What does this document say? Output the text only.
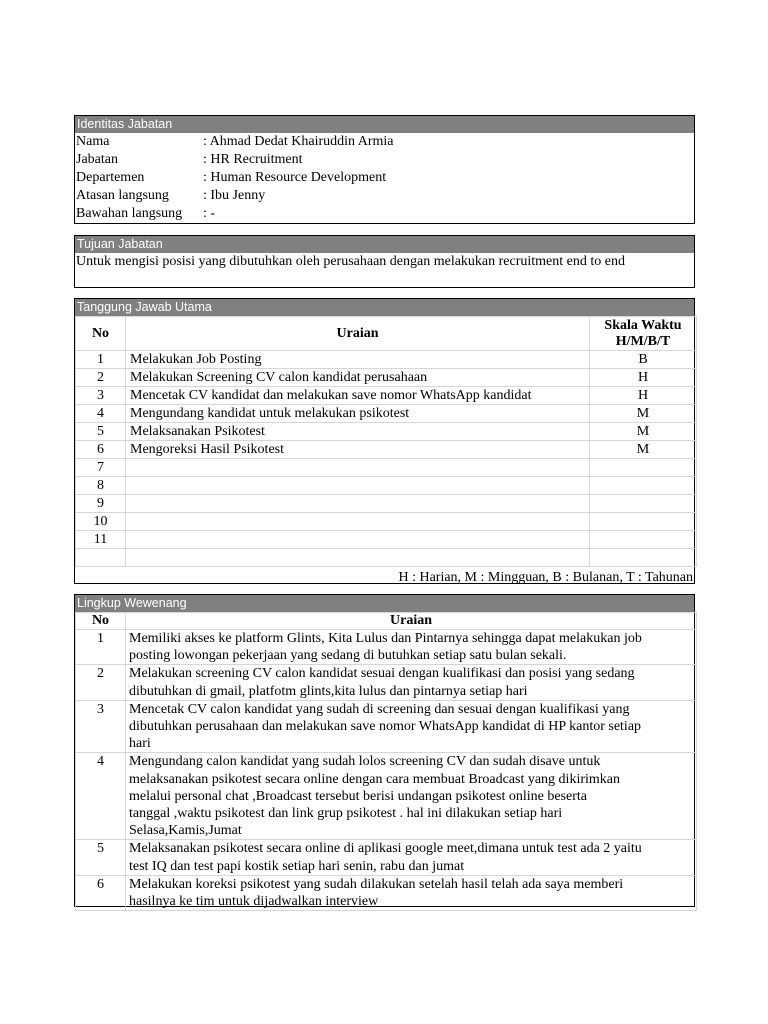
Identitas Jabatan
Nama	: Ahmad Dedat Khairuddin Armia
Jabatan	: HR Recruitment
Departemen	: Human Resource Development
Atasan langsung	: Ibu Jenny
Bawahan langsung	: -
Tujuan Jabatan
Untuk mengisi posisi yang dibutuhkan oleh perusahaan dengan melakukan recruitment end to end
Tanggung Jawab Utama
No	Uraian	Skala Waktu
H/M/B/T

1	Melakukan Job Posting	B
2	Melakukan Screening CV calon kandidat perusahaan	H
3	Mencetak CV kandidat dan melakukan save nomor WhatsApp kandidat	H
4	Mengundang kandidat untuk melakukan psikotest	M
5	Melaksanakan Psikotest	M
6	Mengoreksi Hasil Psikotest	M
7		
8		
9		
10		
11		

H : Harian, M : Mingguan, B : Bulanan, T : Tahunan
Lingkup Wewenang
No	Uraian
1	Memiliki akses ke platform Glints, Kita Lulus dan Pintarnya sehingga dapat melakukan job
posting lowongan pekerjaan yang sedang di butuhkan setiap satu bulan sekali.

2	Melakukan screening CV calon kandidat sesuai dengan kualifikasi dan posisi yang sedang
dibutuhkan di gmail, platfotm glints,kita lulus dan pintarnya setiap hari

3	Mencetak CV calon kandidat yang sudah di screening dan sesuai dengan kualifikasi yang
dibutuhkan perusahaan dan melakukan save nomor WhatsApp kandidat di HP kantor setiap
hari

4	Mengundang calon kandidat yang sudah lolos screening CV dan sudah disave untuk
melaksanakan psikotest secara online dengan cara membuat Broadcast yang dikirimkan
melalui personal chat ,Broadcast tersebut berisi undangan psikotest online beserta
tanggal ,waktu psikotest dan link grup psikotest . hal ini dilakukan setiap hari
Selasa,Kamis,Jumat

5	Melaksanakan psikotest secara online di aplikasi google meet,dimana untuk test ada 2 yaitu
test IQ dan test papi kostik setiap hari senin, rabu dan jumat

6	Melakukan koreksi psikotest yang sudah dilakukan setelah hasil telah ada saya memberi
hasilnya ke tim untuk dijadwalkan interview
